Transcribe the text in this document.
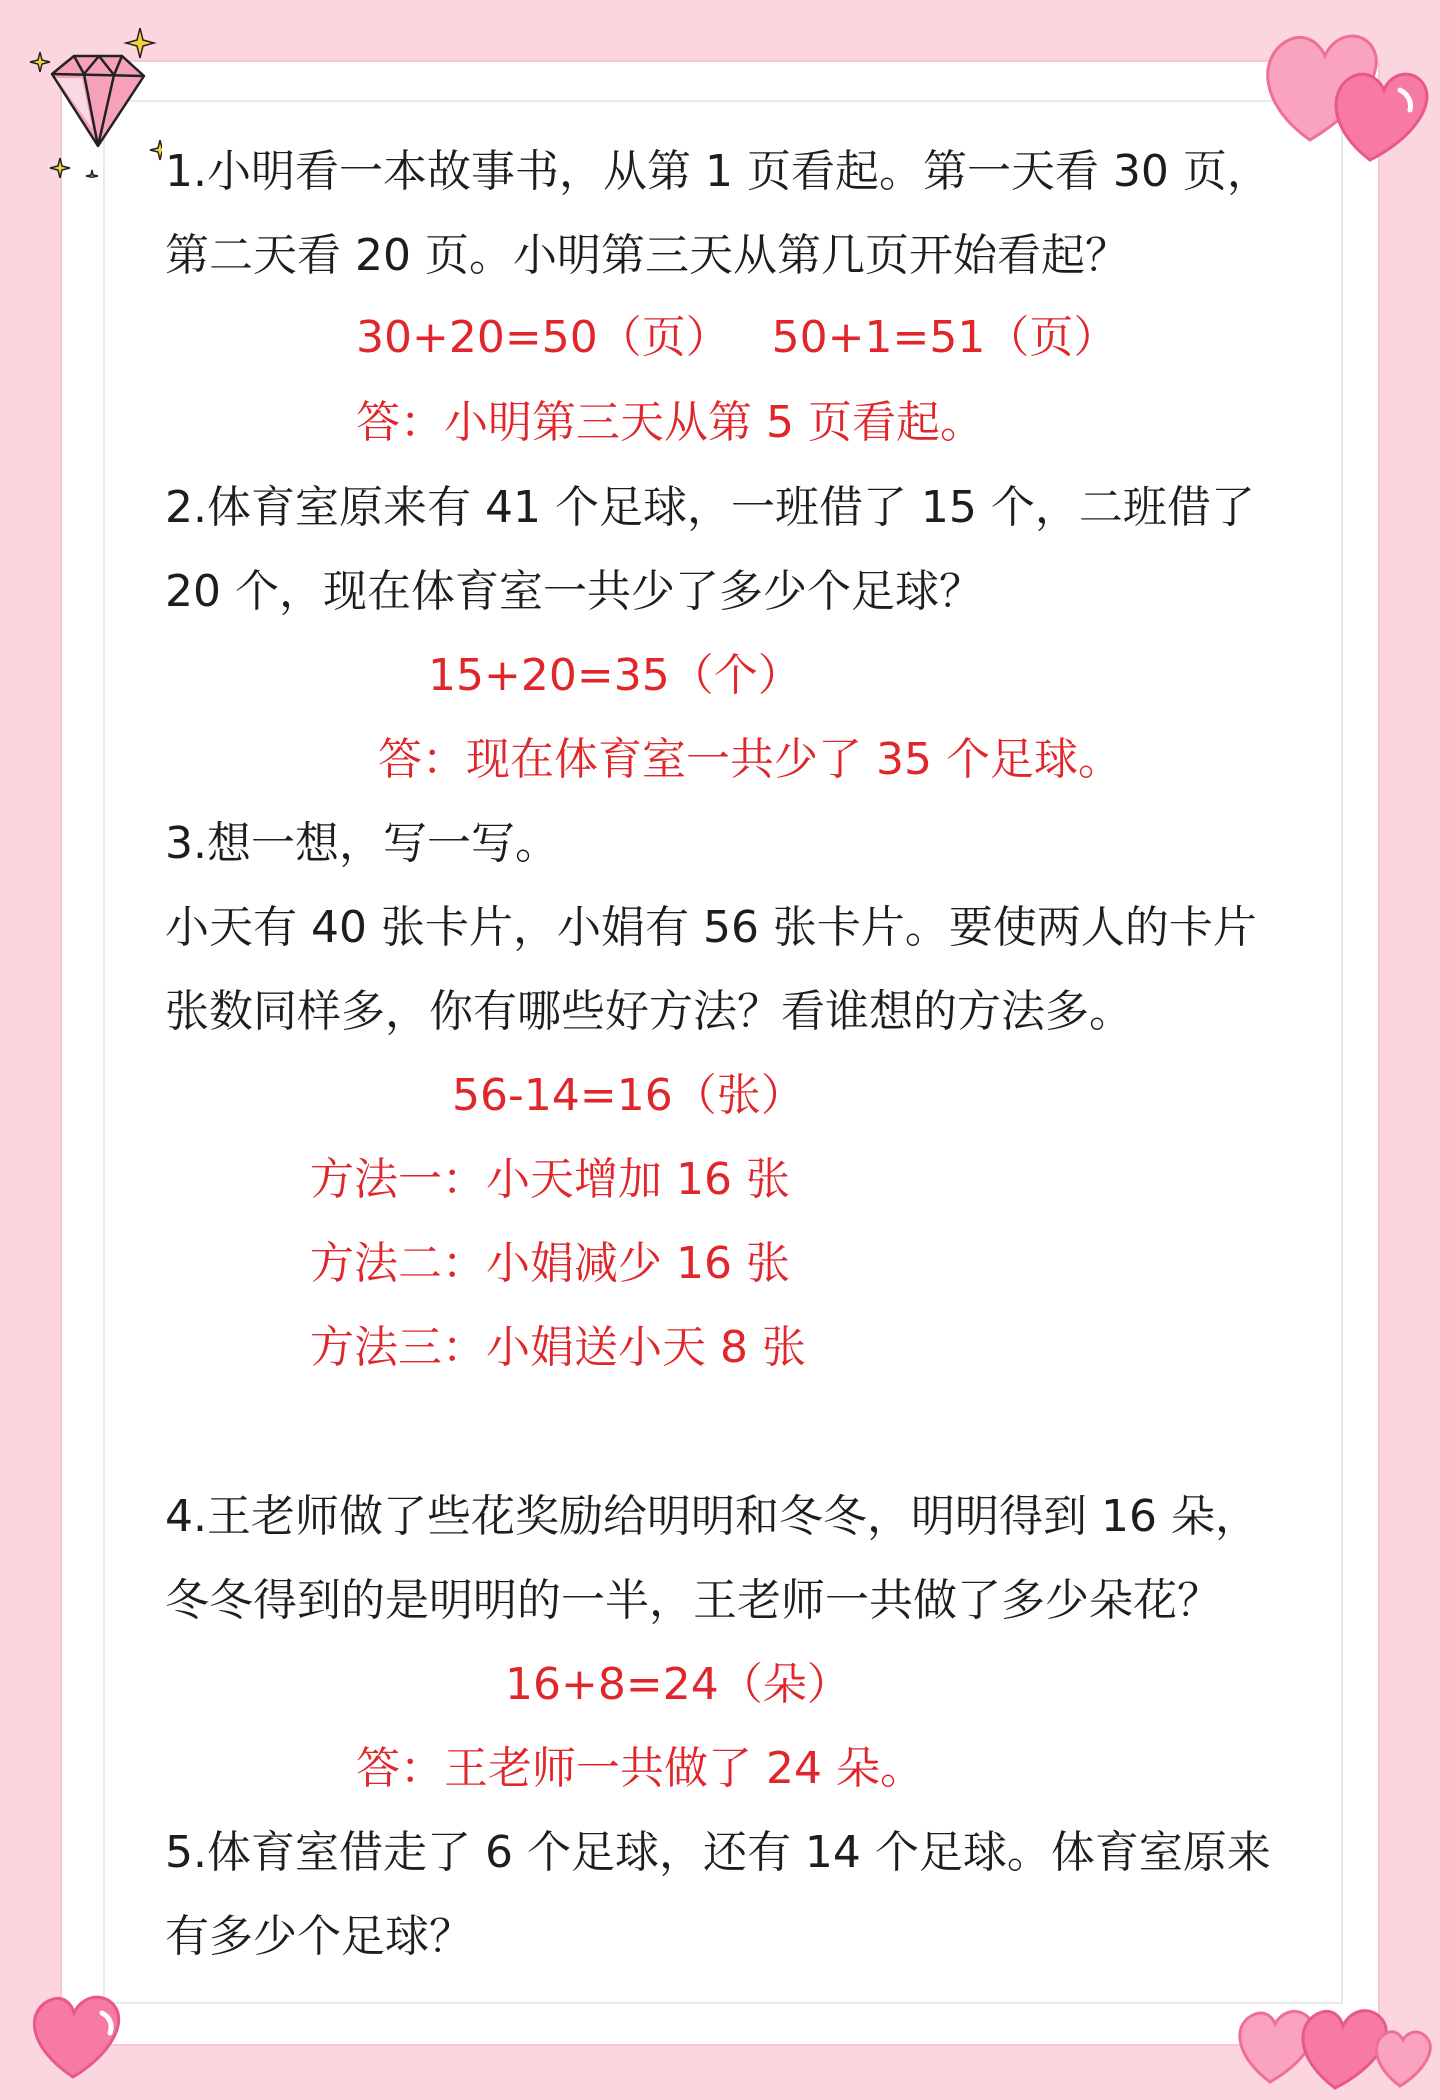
1.小明看一本故事书，从第 1 页看起。第一天看 30 页，
第二天看 20 页。小明第三天从第几页开始看起？
30+20=50（页）   50+1=51（页）
答：小明第三天从第 5 页看起。
2.体育室原来有 41 个足球，一班借了 15 个，二班借了
20 个，现在体育室一共少了多少个足球？
15+20=35（个）
答：现在体育室一共少了 35 个足球。
3.想一想，写一写。
小天有 40 张卡片，小娟有 56 张卡片。要使两人的卡片
张数同样多，你有哪些好方法？看谁想的方法多。
56-14=16（张）
方法一：小天增加 16 张
方法二：小娟减少 16 张
方法三：小娟送小天 8 张
4.王老师做了些花奖励给明明和冬冬，明明得到 16 朵，
冬冬得到的是明明的一半，王老师一共做了多少朵花？
16+8=24（朵）
答：王老师一共做了 24 朵。
5.体育室借走了 6 个足球，还有 14 个足球。体育室原来
有多少个足球？
